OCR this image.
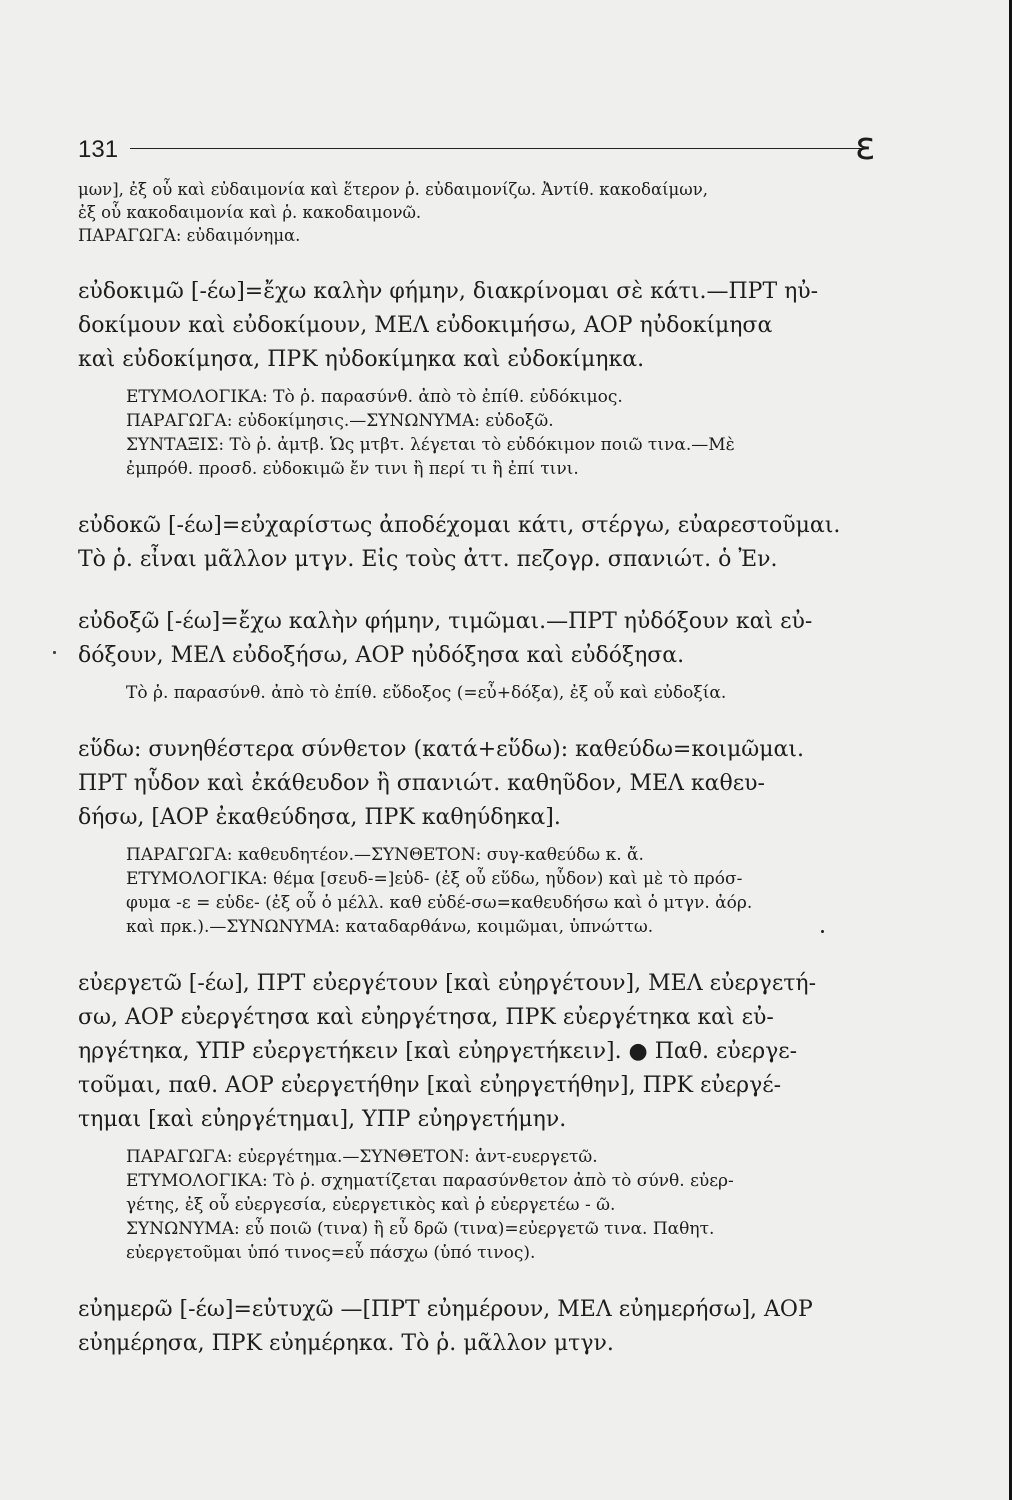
131	ε
μων], ἐξ οὗ καὶ εὐδαιμονία καὶ ἕτερον ῥ. εὐδαιμονίζω. Ἀντίθ. κακοδαίμων,
ἐξ οὗ κακοδαιμονία καὶ ῥ. κακοδαιμονῶ.
ΠΑΡΑΓΩΓΑ: εὐδαιμόνημα.
εὐδοκιμῶ [-έω]=ἔχω καλὴν φήμην, διακρίνομαι σὲ κάτι.—ΠΡΤ ηὐ-
δοκίμουν καὶ εὐδοκίμουν, ΜΕΛ εὐδοκιμήσω, ΑΟΡ ηὐδοκίμησα
καὶ εὐδοκίμησα, ΠΡΚ ηὐδοκίμηκα καὶ εὐδοκίμηκα.
ΕΤΥΜΟΛΟΓΙΚΑ: Τὸ ῥ. παρασύνθ. ἀπὸ τὸ ἐπίθ. εὐδόκιμος.
ΠΑΡΑΓΩΓΑ: εὐδοκίμησις.—ΣΥΝΩΝΥΜΑ: εὐδοξῶ.
ΣΥΝΤΑΞΙΣ: Τὸ ῥ. ἀμτβ. Ὡς μτβτ. λέγεται τὸ εὐδόκιμον ποιῶ τινα.—Μὲ
ἐμπρόθ. προσδ. εὐδοκιμῶ ἔν τινι ἢ περί τι ἢ ἐπί τινι.
εὐδοκῶ [-έω]=εὐχαρίστως ἀποδέχομαι κάτι, στέργω, εὐαρεστοῦμαι.
Τὸ ῥ. εἶναι μᾶλλον μτγν. Εἰς τοὺς ἀττ. πεζογρ. σπανιώτ. ὁ Ἐν.
εὐδοξῶ [-έω]=ἔχω καλὴν φήμην, τιμῶμαι.—ΠΡΤ ηὐδόξουν καὶ εὐ-
δόξουν, ΜΕΛ εὐδοξήσω, ΑΟΡ ηὐδόξησα καὶ εὐδόξησα.
Τὸ ῥ. παρασύνθ. ἀπὸ τὸ ἐπίθ. εὔδοξος (=εὖ+δόξα), ἐξ οὗ καὶ εὐδοξία.
εὕδω: συνηθέστερα σύνθετον (κατά+εὕδω): καθεύδω=κοιμῶμαι.
ΠΡΤ ηὗδον καὶ ἐκάθευδον ἢ σπανιώτ. καθηῦδον, ΜΕΛ καθευ-
δήσω, [ΑΟΡ ἐκαθεύδησα, ΠΡΚ καθηύδηκα].
ΠΑΡΑΓΩΓΑ: καθευδητέον.—ΣΥΝΘΕΤΟΝ: συγ-καθεύδω κ. ἄ.
ΕΤΥΜΟΛΟΓΙΚΑ: θέμα [σευδ-=]εὑδ- (ἐξ οὗ εὕδω, ηὗδον) καὶ μὲ τὸ πρόσ-
φυμα -ε = εὑδε- (ἐξ οὗ ὁ μέλλ. καθ εὑδέ-σω=καθευδήσω καὶ ὁ μτγν. ἀόρ.
καὶ πρκ.).—ΣΥΝΩΝΥΜΑ: καταδαρθάνω, κοιμῶμαι, ὑπνώττω.
εὐεργετῶ [-έω], ΠΡΤ εὐεργέτουν [καὶ εὐηργέτουν], ΜΕΛ εὐεργετή-
σω, ΑΟΡ εὐεργέτησα καὶ εὐηργέτησα, ΠΡΚ εὐεργέτηκα καὶ εὐ-
ηργέτηκα, ΥΠΡ εὐεργετήκειν [καὶ εὐηργετήκειν]. ● Παθ. εὐεργε-
τοῦμαι, παθ. ΑΟΡ εὐεργετήθην [καὶ εὐηργετήθην], ΠΡΚ εὐεργέ-
τημαι [καὶ εὐηργέτημαι], ΥΠΡ εὐηργετήμην.
ΠΑΡΑΓΩΓΑ: εὐεργέτημα.—ΣΥΝΘΕΤΟΝ: ἀντ-ευεργετῶ.
ΕΤΥΜΟΛΟΓΙΚΑ: Τὸ ῥ. σχηματίζεται παρασύνθετον ἀπὸ τὸ σύνθ. εὐερ-
γέτης, ἐξ οὗ εὐεργεσία, εὐεργετικὸς καὶ ῥ εὐεργετέω - ῶ.
ΣΥΝΩΝΥΜΑ: εὖ ποιῶ (τινα) ἢ εὖ δρῶ (τινα)=εὐεργετῶ τινα. Παθητ.
εὐεργετοῦμαι ὑπό τινος=εὖ πάσχω (ὑπό τινος).
εὐημερῶ [-έω]=εὐτυχῶ —[ΠΡΤ εὐημέρουν, ΜΕΛ εὐημερήσω], ΑΟΡ
εὐημέρησα, ΠΡΚ εὐημέρηκα. Τὸ ῥ. μᾶλλον μτγν.
